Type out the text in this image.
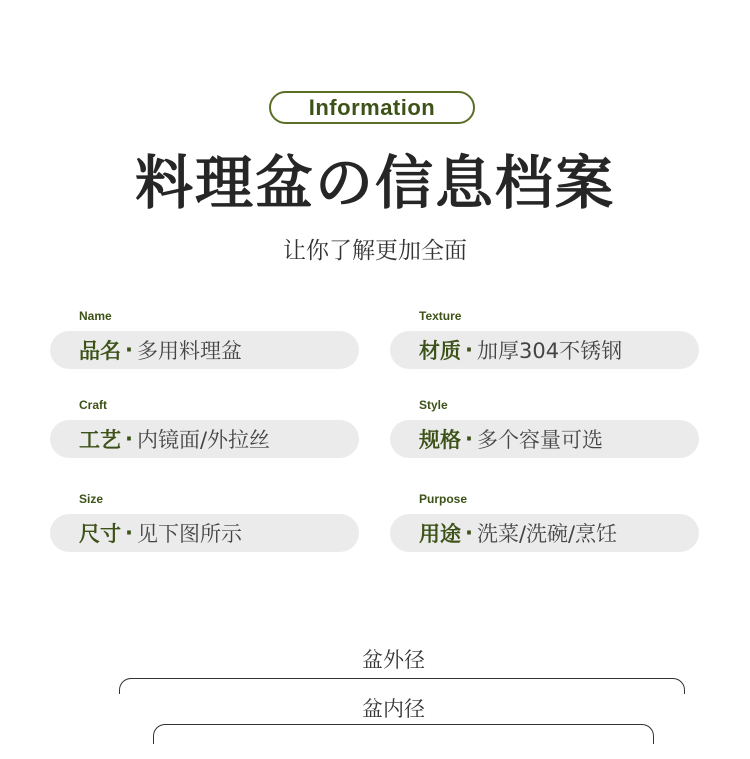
Information
料理盆の信息档案
让你了解更加全面
Name
品名 · 多用料理盆
Texture
材质 · 加厚304不锈钢
Craft
工艺 · 内镜面/外拉丝
Style
规格 · 多个容量可选
Size
尺寸 · 见下图所示
Purpose
用途 · 洗菜/洗碗/烹饪
盆外径
盆内径
